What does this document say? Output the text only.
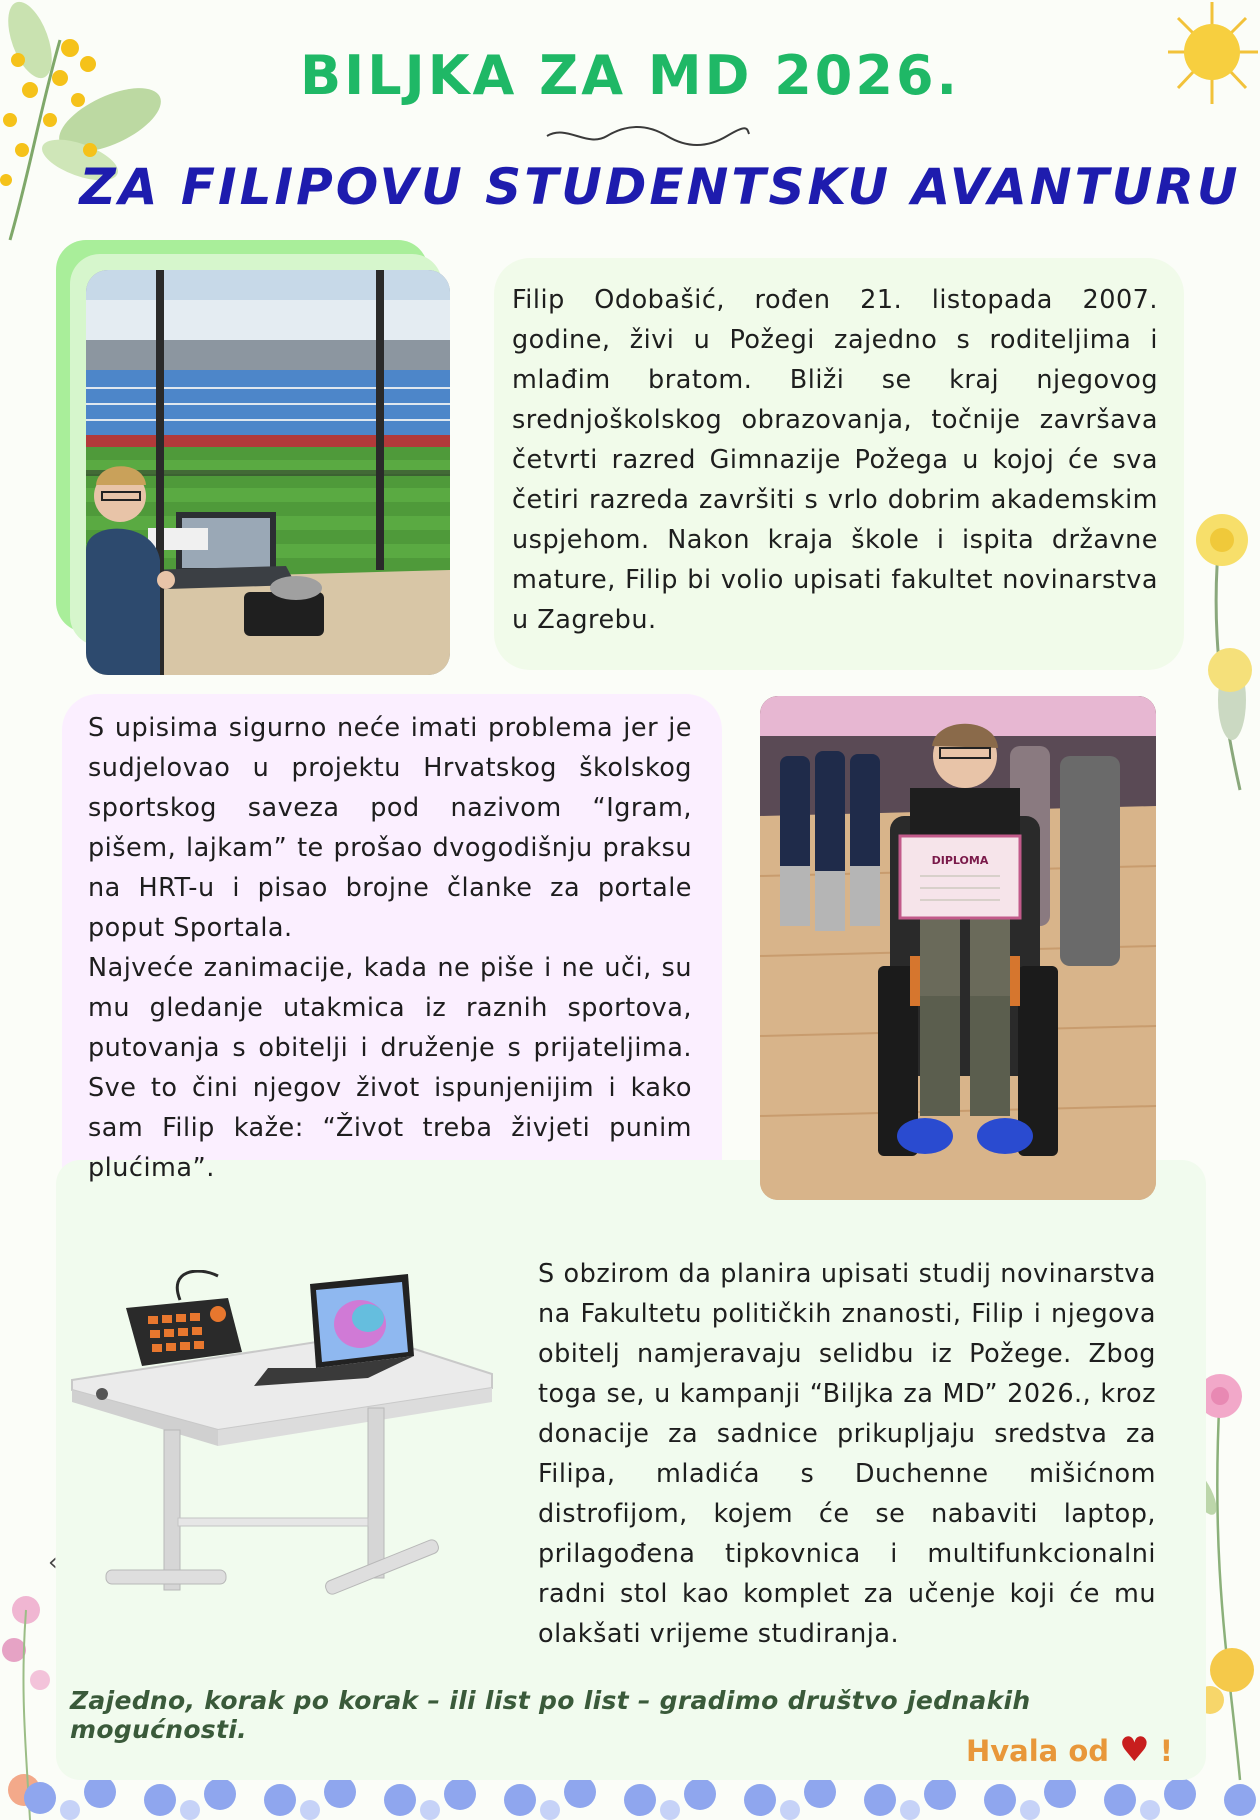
BILJKA ZA MD 2026.
ZA FILIPOVU STUDENTSKU AVANTURU

Filip Odobašić, rođen 21. listopada 2007. godine, živi u Požegi zajedno s roditeljima i mlađim bratom. Bliži se kraj njegovog srednjoškolskog obrazovanja, točnije završava četvrti razred Gimnazije Požega u kojoj će sva četiri razreda završiti s vrlo dobrim akademskim uspjehom. Nakon kraja škole i ispita državne mature, Filip bi volio upisati fakultet novinarstva u Zagrebu.

S upisima sigurno neće imati problema jer je sudjelovao u projektu Hrvatskog školskog sportskog saveza pod nazivom “Igram, pišem, lajkam” te prošao dvogodišnju praksu na HRT-u i pisao brojne članke za portale poput Sportala.

Najveće zanimacije, kada ne piše i ne uči, su mu gledanje utakmica iz raznih sportova, putovanja s obitelji i druženje s prijateljima. Sve to čini njegov život ispunjenijim i kako sam Filip kaže: “Život treba živjeti punim plućima”.

DIPLOMA

S obzirom da planira upisati studij novinarstva na Fakultetu političkih znanosti, Filip i njegova obitelj namjeravaju selidbu iz Požege. Zbog toga se, u kampanji “Biljka za MD” 2026., kroz donacije za sadnice prikupljaju sredstva za Filipa, mladića s Duchenne mišićnom distrofijom, kojem će se nabaviti laptop, prilagođena tipkovnica i multifunkcionalni radni stol kao komplet za učenje koji će mu olakšati vrijeme studiranja.

‹
Zajedno, korak po korak – ili list po list – gradimo društvo jednakih mogućnosti.
Hvala od ♥ !
